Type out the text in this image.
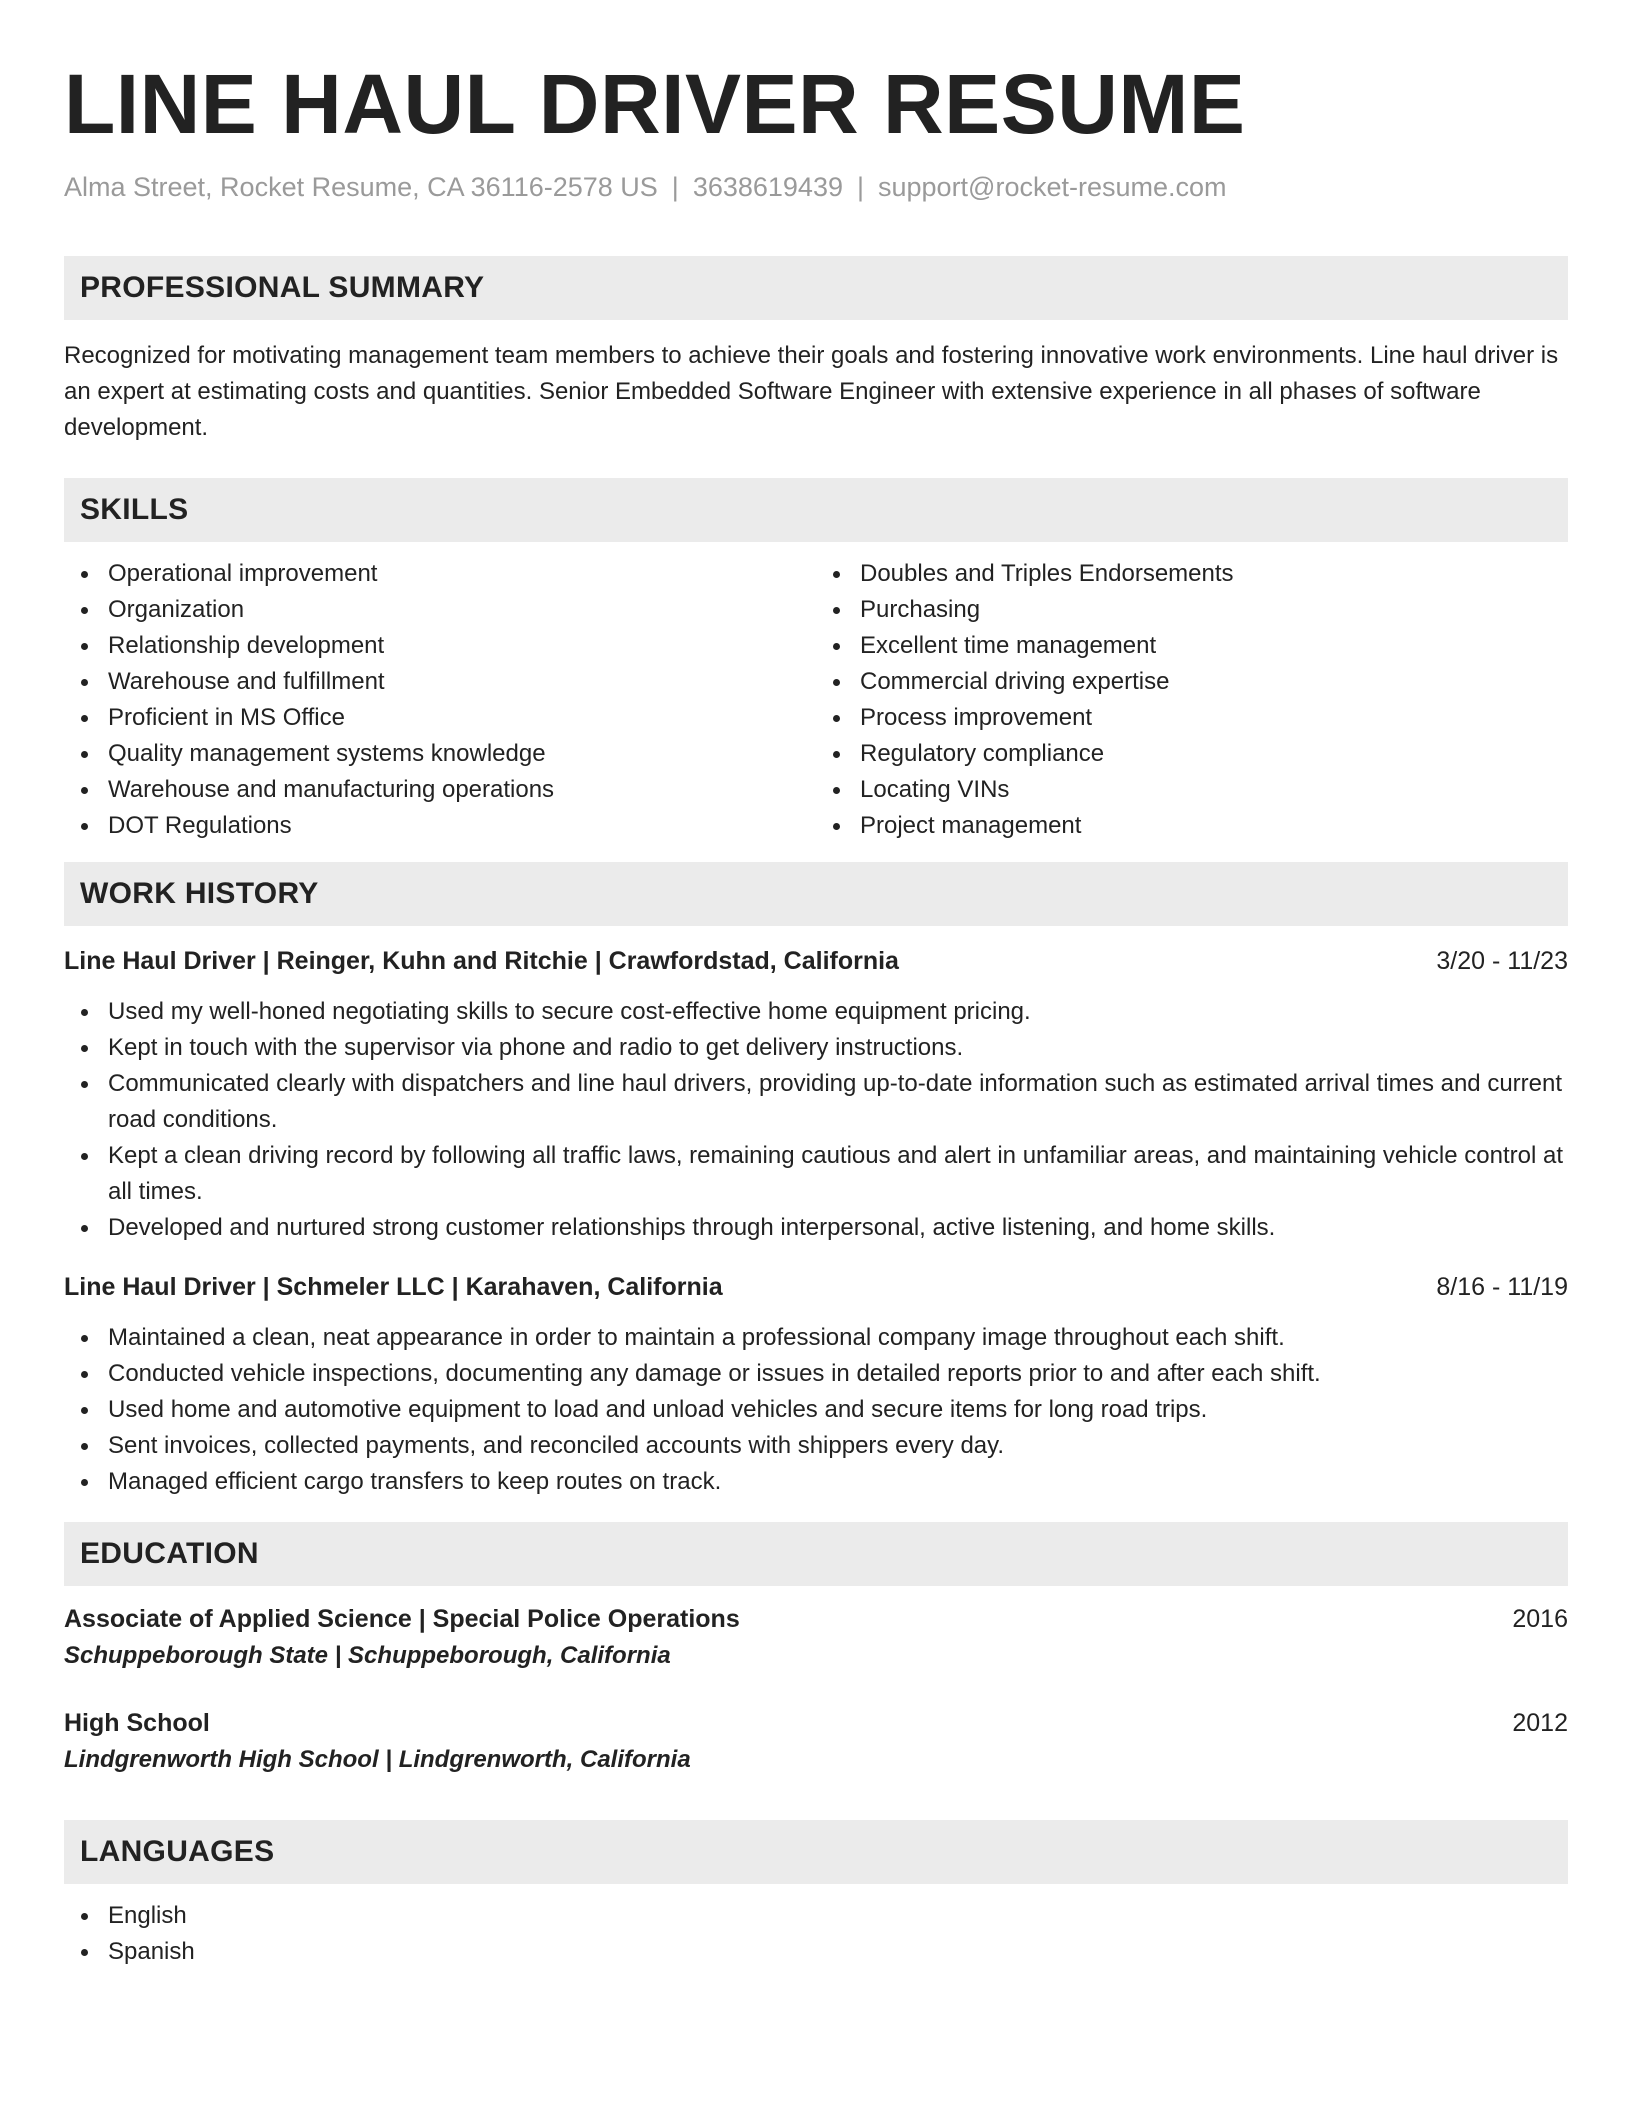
LINE HAUL DRIVER RESUME
Alma Street, Rocket Resume, CA 36116-2578 US | 3638619439 | support@rocket-resume.com
PROFESSIONAL SUMMARY
Recognized for motivating management team members to achieve their goals and fostering innovative work environments. Line haul driver is an expert at estimating costs and quantities. Senior Embedded Software Engineer with extensive experience in all phases of software development.
SKILLS
Operational improvement
Organization
Relationship development
Warehouse and fulfillment
Proficient in MS Office
Quality management systems knowledge
Warehouse and manufacturing operations
DOT Regulations
Doubles and Triples Endorsements
Purchasing
Excellent time management
Commercial driving expertise
Process improvement
Regulatory compliance
Locating VINs
Project management
WORK HISTORY
Line Haul Driver | Reinger, Kuhn and Ritchie | Crawfordstad, California	3/20 - 11/23
Used my well-honed negotiating skills to secure cost-effective home equipment pricing.
Kept in touch with the supervisor via phone and radio to get delivery instructions.
Communicated clearly with dispatchers and line haul drivers, providing up-to-date information such as estimated arrival times and current road conditions.
Kept a clean driving record by following all traffic laws, remaining cautious and alert in unfamiliar areas, and maintaining vehicle control at all times.
Developed and nurtured strong customer relationships through interpersonal, active listening, and home skills.
Line Haul Driver | Schmeler LLC | Karahaven, California	8/16 - 11/19
Maintained a clean, neat appearance in order to maintain a professional company image throughout each shift.
Conducted vehicle inspections, documenting any damage or issues in detailed reports prior to and after each shift.
Used home and automotive equipment to load and unload vehicles and secure items for long road trips.
Sent invoices, collected payments, and reconciled accounts with shippers every day.
Managed efficient cargo transfers to keep routes on track.
EDUCATION
Associate of Applied Science | Special Police Operations	2016
Schuppeborough State | Schuppeborough, California
High School	2012
Lindgrenworth High School | Lindgrenworth, California
LANGUAGES
English
Spanish
